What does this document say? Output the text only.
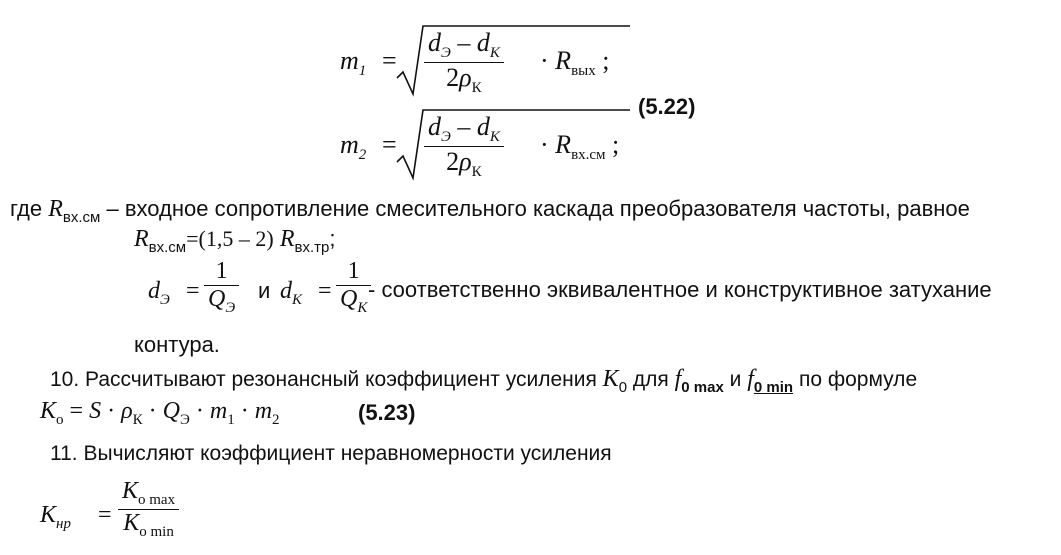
$m_1$ =
$d_Э - d_К$
$2\rho_К$
· $R_{вых}$ ;
$m_2$ =
$d_Э - d_К$
$2\rho_К$
· $R_{вх.см}$ ;
(5.22)
где $R_{вх.см}$ – входное сопротивление смесительного каскада преобразователя частоты, равное
$R_{вх.см}=(1,5 - 2)$ $R_{вх.тр}$;
$d_Э$ =
1
$Q_Э$
и $d_К$ =
1
$Q_К$
- соответственно эквивалентное и конструктивное затухание
контура.
10. Рассчитывают резонансный коэффициент усиления $K_0$ для $f_{0 max}$ и $f_{0 min}$ по формуле
$K_о = S \cdot \rho_К \cdot Q_Э \cdot m_1 \cdot m_2$	(5.23)
11. Вычисляют коэффициент неравномерности усиления
$K_{нр}$ =
$K_{о max}$
$K_{о min}$
